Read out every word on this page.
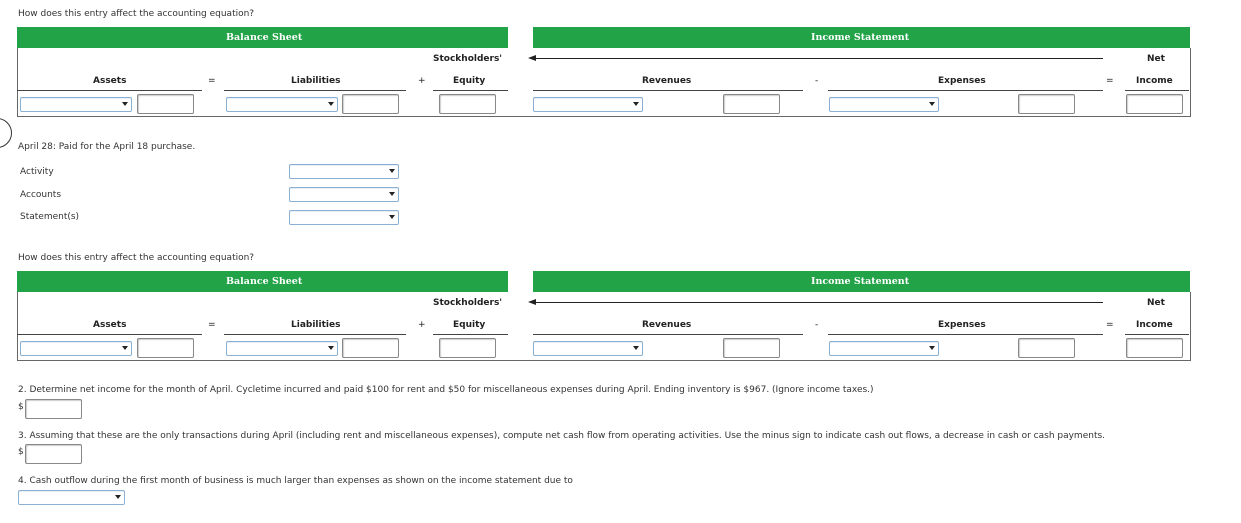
How does this entry affect the accounting equation?
Balance Sheet	Income Statement
Stockholders'	Net
Assets	=	Liabilities	+	Equity	Revenues	-	Expenses	= Income
April 28: Paid for the April 18 purchase.
Activity
Accounts
Statement(s)
How does this entry affect the accounting equation?
Balance Sheet	Income Statement
Stockholders'	Net
Assets	=	Liabilities	+	Equity	Revenues	-	Expenses	= Income
2. Determine net income for the month of April. Cycletime incurred and paid $100 for rent and $50 for miscellaneous expenses during April. Ending inventory is $967. (Ignore income taxes.)
$
3. Assuming that these are the only transactions during April (including rent and miscellaneous expenses), compute net cash flow from operating activities. Use the minus sign to indicate cash out flows, a decrease in cash or cash payments.
$
4. Cash outflow during the first month of business is much larger than expenses as shown on the income statement due to
